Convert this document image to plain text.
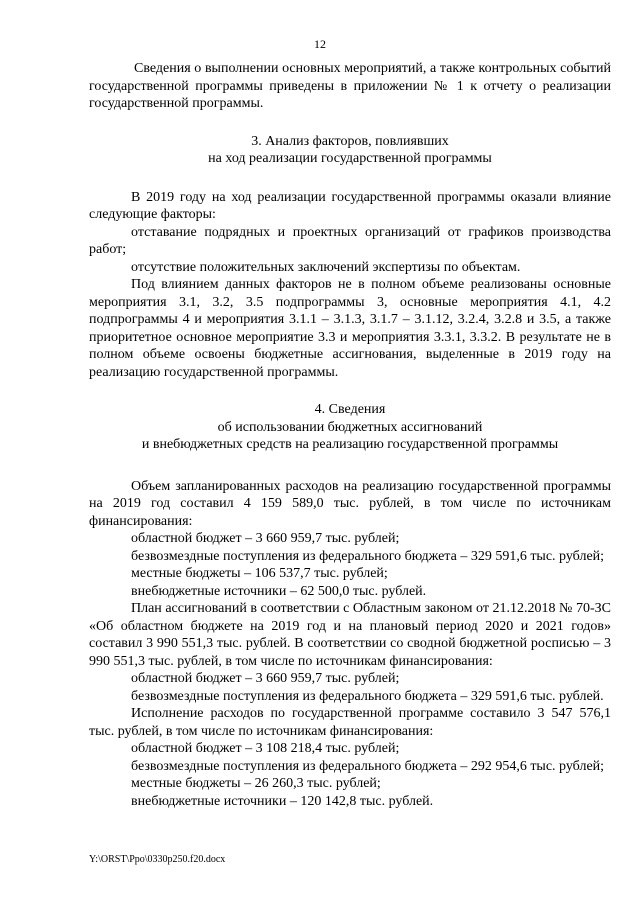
12

Сведения о выполнении основных мероприятий, а также контрольных событий государственной программы приведены в приложении № 1 к отчету о реализации государственной программы.

3. Анализ факторов, повлиявших

на ход реализации государственной программы

В 2019 году на ход реализации государственной программы оказали влияние следующие факторы:

отставание подрядных и проектных организаций от графиков производства работ;

отсутствие положительных заключений экспертизы по объектам.

Под влиянием данных факторов не в полном объеме реализованы основные мероприятия 3.1, 3.2, 3.5 подпрограммы 3, основные мероприятия 4.1, 4.2 подпрограммы 4 и мероприятия 3.1.1 – 3.1.3, 3.1.7 – 3.1.12, 3.2.4, 3.2.8 и 3.5, а также приоритетное основное мероприятие 3.3 и мероприятия 3.3.1, 3.3.2. В результате не в полном объеме освоены бюджетные ассигнования, выделенные в 2019 году на реализацию государственной программы.

4. Сведения

об использовании бюджетных ассигнований

и внебюджетных средств на реализацию государственной программы

Объем запланированных расходов на реализацию государственной программы на 2019 год составил 4 159 589,0 тыс. рублей, в том числе по источникам финансирования:

областной бюджет – 3 660 959,7 тыс. рублей;

безвозмездные поступления из федерального бюджета – 329 591,6 тыс. рублей;

местные бюджеты – 106 537,7 тыс. рублей;

внебюджетные источники – 62 500,0 тыс. рублей.

План ассигнований в соответствии с Областным законом от 21.12.2018 № 70-ЗС «Об областном бюджете на 2019 год и на плановый период 2020 и 2021 годов» составил 3 990 551,3 тыс. рублей. В соответствии со сводной бюджетной росписью – 3 990 551,3 тыс. рублей, в том числе по источникам финансирования:

областной бюджет – 3 660 959,7 тыс. рублей;

безвозмездные поступления из федерального бюджета – 329 591,6 тыс. рублей.

Исполнение расходов по государственной программе составило 3 547 576,1 тыс. рублей, в том числе по источникам финансирования:

областной бюджет – 3 108 218,4 тыс. рублей;

безвозмездные поступления из федерального бюджета – 292 954,6 тыс. рублей;

местные бюджеты – 26 260,3 тыс. рублей;

внебюджетные источники – 120 142,8 тыс. рублей.

Y:\ORST\Ppo\0330p250.f20.docx
